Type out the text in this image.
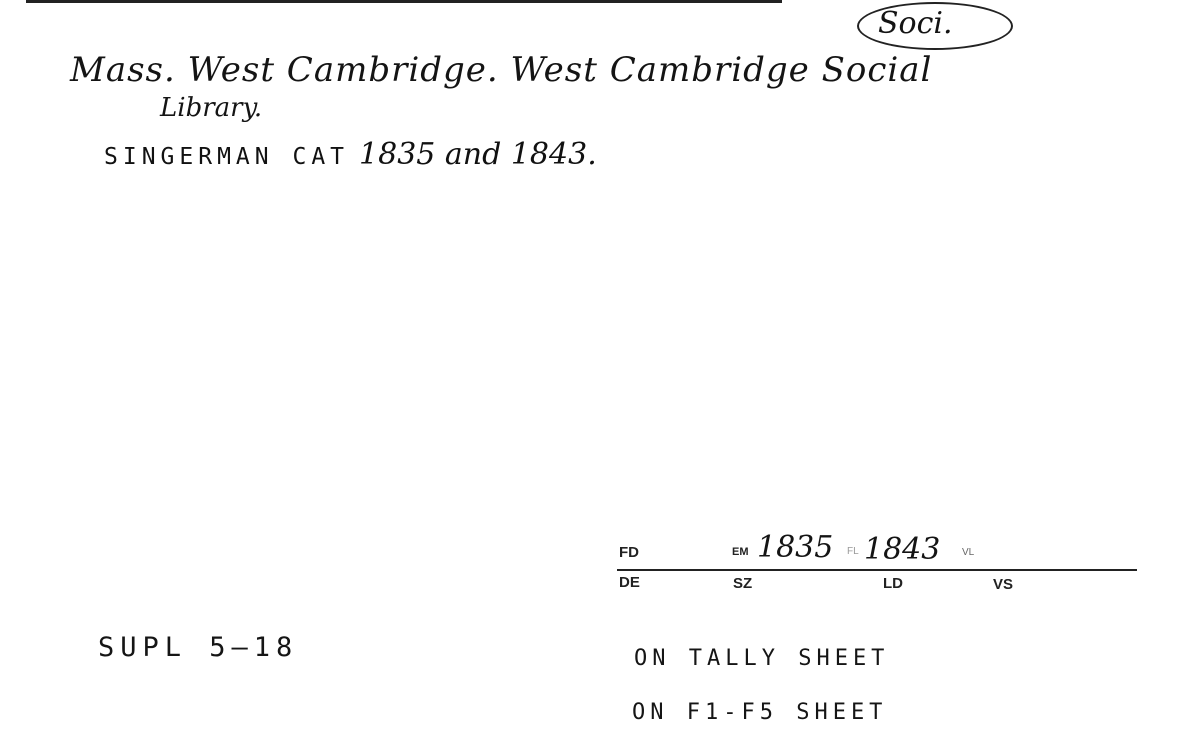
Soci.
Mass. West Cambridge. West Cambridge Social
Library.
SINGERMAN CAT 1835 and 1843.
FD	EM 1835 FL 1843 VL
DE	SZ	LD	VS
SUPL 5—18	ON TALLY SHEET
ON F1-F5 SHEET
